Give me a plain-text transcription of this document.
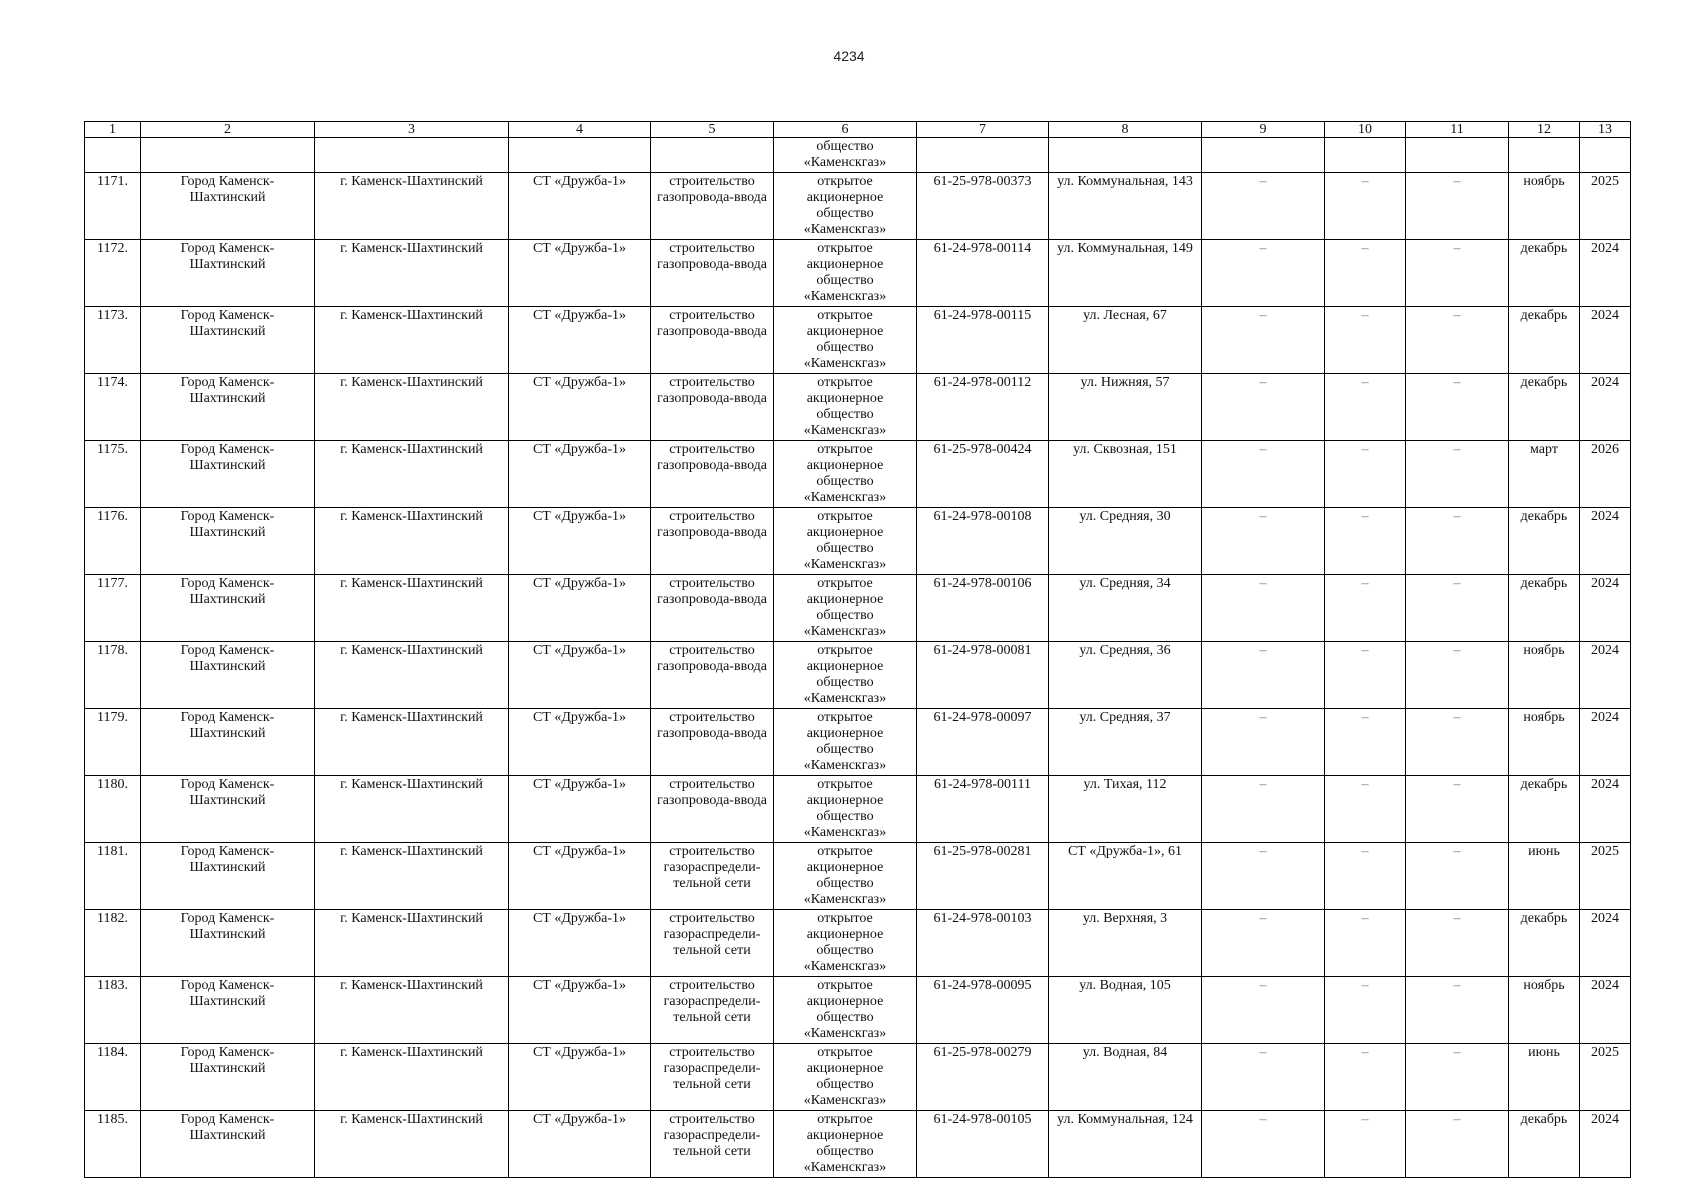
4234
1	2	3	4	5	6	7	8	9	10	11	12	13
					общество «Каменскгаз»							
1171.	Город Каменск-Шахтинский	г. Каменск-Шахтинский	СТ «Дружба-1»	строительство газопровода-ввода	открытое акционерное общество «Каменскгаз»	61-25-978-00373	ул. Коммунальная, 143	–	–	–	ноябрь	2025
1172.	Город Каменск-Шахтинский	г. Каменск-Шахтинский	СТ «Дружба-1»	строительство газопровода-ввода	открытое акционерное общество «Каменскгаз»	61-24-978-00114	ул. Коммунальная, 149	–	–	–	декабрь	2024
1173.	Город Каменск-Шахтинский	г. Каменск-Шахтинский	СТ «Дружба-1»	строительство газопровода-ввода	открытое акционерное общество «Каменскгаз»	61-24-978-00115	ул. Лесная, 67	–	–	–	декабрь	2024
1174.	Город Каменск-Шахтинский	г. Каменск-Шахтинский	СТ «Дружба-1»	строительство газопровода-ввода	открытое акционерное общество «Каменскгаз»	61-24-978-00112	ул. Нижняя, 57	–	–	–	декабрь	2024
1175.	Город Каменск-Шахтинский	г. Каменск-Шахтинский	СТ «Дружба-1»	строительство газопровода-ввода	открытое акционерное общество «Каменскгаз»	61-25-978-00424	ул. Сквозная, 151	–	–	–	март	2026
1176.	Город Каменск-Шахтинский	г. Каменск-Шахтинский	СТ «Дружба-1»	строительство газопровода-ввода	открытое акционерное общество «Каменскгаз»	61-24-978-00108	ул. Средняя, 30	–	–	–	декабрь	2024
1177.	Город Каменск-Шахтинский	г. Каменск-Шахтинский	СТ «Дружба-1»	строительство газопровода-ввода	открытое акционерное общество «Каменскгаз»	61-24-978-00106	ул. Средняя, 34	–	–	–	декабрь	2024
1178.	Город Каменск-Шахтинский	г. Каменск-Шахтинский	СТ «Дружба-1»	строительство газопровода-ввода	открытое акционерное общество «Каменскгаз»	61-24-978-00081	ул. Средняя, 36	–	–	–	ноябрь	2024
1179.	Город Каменск-Шахтинский	г. Каменск-Шахтинский	СТ «Дружба-1»	строительство газопровода-ввода	открытое акционерное общество «Каменскгаз»	61-24-978-00097	ул. Средняя, 37	–	–	–	ноябрь	2024
1180.	Город Каменск-Шахтинский	г. Каменск-Шахтинский	СТ «Дружба-1»	строительство газопровода-ввода	открытое акционерное общество «Каменскгаз»	61-24-978-00111	ул. Тихая, 112	–	–	–	декабрь	2024
1181.	Город Каменск-Шахтинский	г. Каменск-Шахтинский	СТ «Дружба-1»	строительство газораспредели-тельной сети	открытое акционерное общество «Каменскгаз»	61-25-978-00281	СТ «Дружба-1», 61	–	–	–	июнь	2025
1182.	Город Каменск-Шахтинский	г. Каменск-Шахтинский	СТ «Дружба-1»	строительство газораспредели-тельной сети	открытое акционерное общество «Каменскгаз»	61-24-978-00103	ул. Верхняя, 3	–	–	–	декабрь	2024
1183.	Город Каменск-Шахтинский	г. Каменск-Шахтинский	СТ «Дружба-1»	строительство газораспредели-тельной сети	открытое акционерное общество «Каменскгаз»	61-24-978-00095	ул. Водная, 105	–	–	–	ноябрь	2024
1184.	Город Каменск-Шахтинский	г. Каменск-Шахтинский	СТ «Дружба-1»	строительство газораспредели-тельной сети	открытое акционерное общество «Каменскгаз»	61-25-978-00279	ул. Водная, 84	–	–	–	июнь	2025
1185.	Город Каменск-Шахтинский	г. Каменск-Шахтинский	СТ «Дружба-1»	строительство газораспредели-тельной сети	открытое акционерное общество «Каменскгаз»	61-24-978-00105	ул. Коммунальная, 124	–	–	–	декабрь	2024
